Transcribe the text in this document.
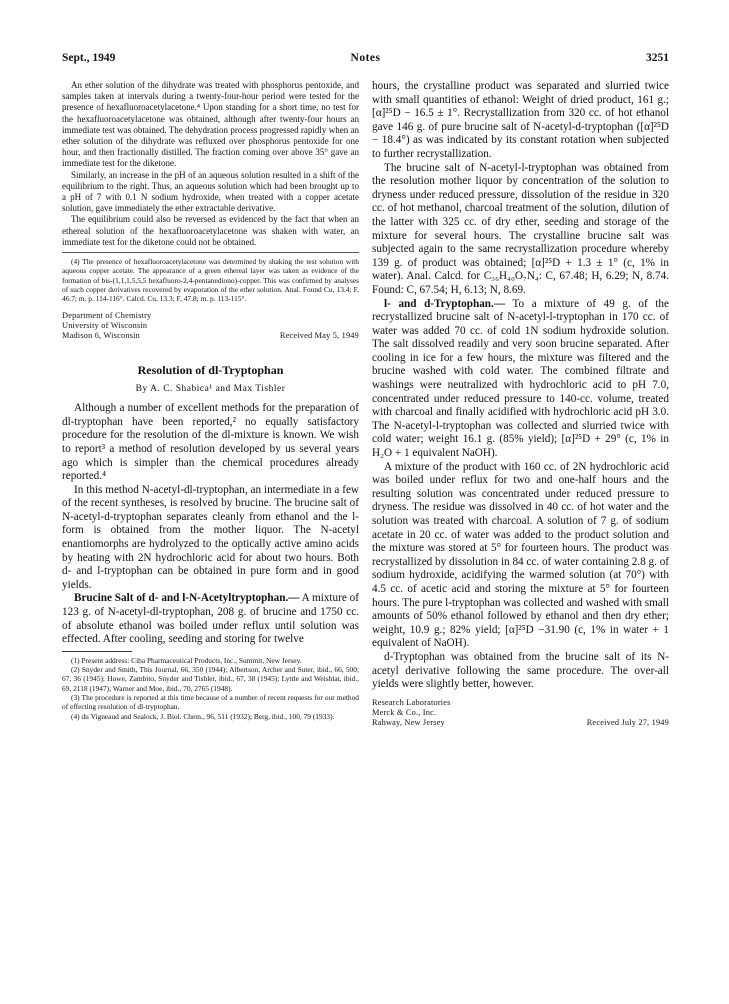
Sept., 1949	Notes	3251

An ether solution of the dihydrate was treated with phosphorus pentoxide, and samples taken at intervals during a twenty-four-hour period were tested for the presence of hexafluoroacetylacetone.⁴ Upon standing for a short time, no test for the hexafluoroacetylacetone was obtained, although after twenty-four hours an immediate test was obtained. The dehydration process progressed rapidly when an ether solution of the dihydrate was refluxed over phosphorus pentoxide for one hour, and then fractionally distilled. The fraction coming over above 35° gave an immediate test for the diketone.

Similarly, an increase in the pH of an aqueous solution resulted in a shift of the equilibrium to the right. Thus, an aqueous solution which had been brought up to a pH of 7 with 0.1 N sodium hydroxide, when treated with a copper acetate solution, gave immediately the ether extractable derivative.

The equilibrium could also be reversed as evidenced by the fact that when an ethereal solution of the hexafluoroacetylacetone was shaken with water, an immediate test for the diketone could not be obtained.

(4) The presence of hexafluoroacetylacetone was determined by shaking the test solution with aqueous copper acetate. The appearance of a green ethereal layer was taken as evidence of the formation of bis-(1,1,1,5,5,5 hexafluoro-2,4-pentanediono)-copper. This was confirmed by analyses of such copper derivatives recovered by evaporation of the ether solution. Anal. Found Cu, 13.4; F, 46.7; m. p. 114-116°. Calcd. Cu, 13.3; F, 47.8; m. p. 113-115°.

Department of Chemistry
University of Wisconsin
Madison 6, Wisconsin	Received May 5, 1949
Resolution of dl-Tryptophan
By A. C. Shabica¹ and Max Tishler

Although a number of excellent methods for the preparation of dl-tryptophan have been reported,² no equally satisfactory procedure for the resolution of the dl-mixture is known. We wish to report³ a method of resolution developed by us several years ago which is simpler than the chemical procedures already reported.⁴

In this method N-acetyl-dl-tryptophan, an intermediate in a few of the recent syntheses, is resolved by brucine. The brucine salt of N-acetyl-d-tryptophan separates cleanly from ethanol and the l- form is obtained from the mother liquor. The N-acetyl enantiomorphs are hydrolyzed to the optically active amino acids by heating with 2N hydrochloric acid for about two hours. Both d- and l-tryptophan can be obtained in pure form and in good yields.

Brucine Salt of d- and l-N-Acetyltryptophan.— A mixture of 123 g. of N-acetyl-dl-tryptophan, 208 g. of brucine and 1750 cc. of absolute ethanol was boiled under reflux until solution was effected. After cooling, seeding and storing for twelve

(1) Present address: Ciba Pharmaceutical Products, Inc., Summit, New Jersey.

(2) Snyder and Smith, This Journal, 66, 350 (1944); Albertson, Archer and Suter, ibid., 66, 500; 67, 36 (1945); Howe, Zambito, Snyder and Tishler, ibid., 67, 38 (1945); Lyttle and Weisblat, ibid., 69, 2118 (1947); Warner and Moe, ibid., 70, 2765 (1948).

(3) The procedure is reported at this time because of a number of recent requests for our method of effecting resolution of dl-tryptophan.

(4) du Vigneaud and Sealock, J. Biol. Chem., 96, 511 (1932); Berg, ibid., 100, 79 (1933).

hours, the crystalline product was separated and slurried twice with small quantities of ethanol: Weight of dried product, 161 g.; [α]²⁵D − 16.5 ± 1°. Recrystallization from 320 cc. of hot ethanol gave 146 g. of pure brucine salt of N-acetyl-d-tryptophan ([α]²⁵D − 18.4°) as was indicated by its constant rotation when subjected to further recrystallization.

The brucine salt of N-acetyl-l-tryptophan was obtained from the resolution mother liquor by concentration of the solution to dryness under reduced pressure, dissolution of the residue in 320 cc. of hot methanol, charcoal treatment of the solution, dilution of the latter with 325 cc. of dry ether, seeding and storage of the mixture for several hours. The crystalline brucine salt was subjected again to the same recrystallization procedure whereby 139 g. of product was obtained; [α]²⁵D + 1.3 ± 1° (c, 1% in water). Anal. Calcd. for C₃₆H₄₀O₇N₄: C, 67.48; H, 6.29; N, 8.74. Found: C, 67.54; H, 6.13; N, 8.69.

l- and d-Tryptophan.— To a mixture of 49 g. of the recrystallized brucine salt of N-acetyl-l-tryptophan in 170 cc. of water was added 70 cc. of cold 1N sodium hydroxide solution. The salt dissolved readily and very soon brucine separated. After cooling in ice for a few hours, the mixture was filtered and the brucine washed with cold water. The combined filtrate and washings were neutralized with hydrochloric acid to pH 7.0, concentrated under reduced pressure to 140-cc. volume, treated with charcoal and finally acidified with hydrochloric acid pH 3.0. The N-acetyl-l-tryptophan was collected and slurried twice with cold water; weight 16.1 g. (85% yield); [α]²⁵D + 29° (c, 1% in H₂O + 1 equivalent NaOH).

A mixture of the product with 160 cc. of 2N hydrochloric acid was boiled under reflux for two and one-half hours and the resulting solution was concentrated under reduced pressure to dryness. The residue was dissolved in 40 cc. of hot water and the solution was treated with charcoal. A solution of 7 g. of sodium acetate in 20 cc. of water was added to the product solution and the mixture was stored at 5° for fourteen hours. The product was recrystallized by dissolution in 84 cc. of water containing 2.8 g. of sodium hydroxide, acidifying the warmed solution (at 70°) with 4.5 cc. of acetic acid and storing the mixture at 5° for fourteen hours. The pure l-tryptophan was collected and washed with small amounts of 50% ethanol followed by ethanol and then dry ether; weight, 10.9 g.; 82% yield; [α]²⁵D −31.90 (c, 1% in water + 1 equivalent of NaOH).

d-Tryptophan was obtained from the brucine salt of its N-acetyl derivative following the same procedure. The over-all yields were slightly better, however.

Research Laboratories
Merck & Co., Inc.
Rahway, New Jersey	Received July 27, 1949
